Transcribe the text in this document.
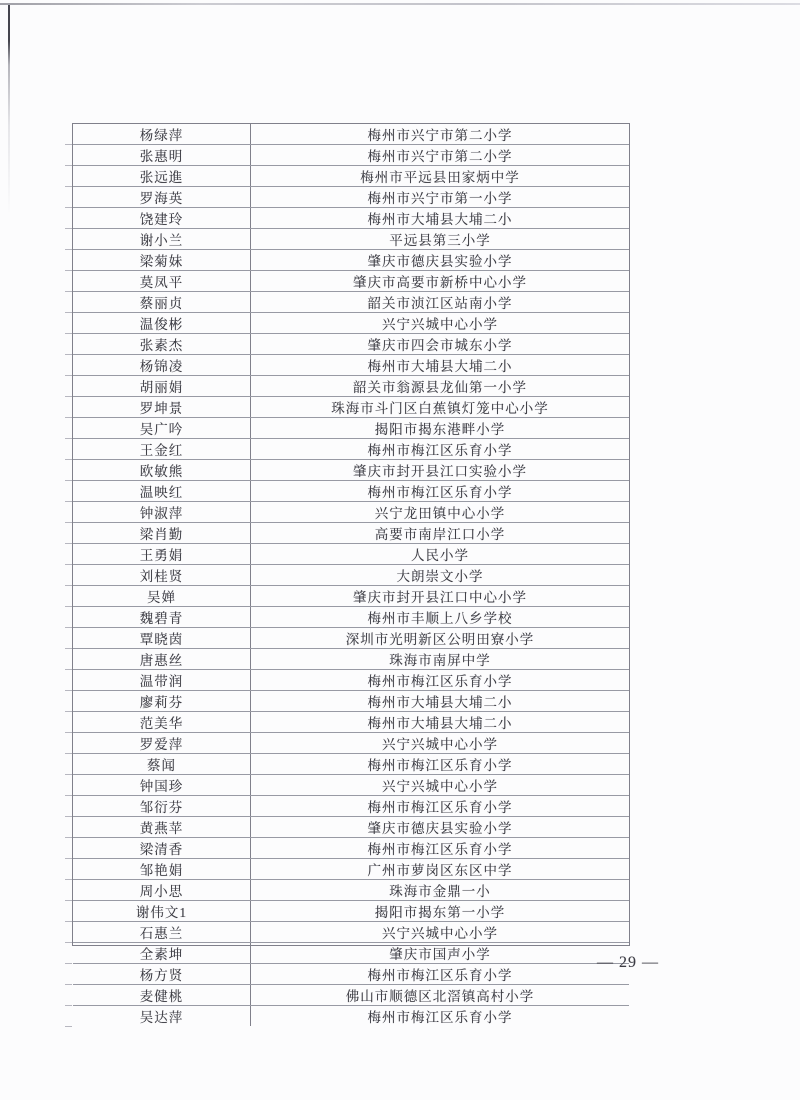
杨绿萍	梅州市兴宁市第二小学
张惠明	梅州市兴宁市第二小学
张远進	梅州市平远县田家炳中学
罗海英	梅州市兴宁市第一小学
饶建玲	梅州市大埔县大埔二小
谢小兰	平远县第三小学
梁菊妹	肇庆市德庆县实验小学
莫凤平	肇庆市高要市新桥中心小学
蔡丽贞	韶关市浈江区站南小学
温俊彬	兴宁兴城中心小学
张素杰	肇庆市四会市城东小学
杨锦凌	梅州市大埔县大埔二小
胡丽娟	韶关市翁源县龙仙第一小学
罗坤景	珠海市斗门区白蕉镇灯笼中心小学
吴广吟	揭阳市揭东港畔小学
王金红	梅州市梅江区乐育小学
欧敏熊	肇庆市封开县江口实验小学
温映红	梅州市梅江区乐育小学
钟淑萍	兴宁龙田镇中心小学
梁肖勤	高要市南岸江口小学
王勇娟	人民小学
刘桂贤	大朗崇文小学
吴婵	肇庆市封开县江口中心小学
魏碧青	梅州市丰顺上八乡学校
覃晓茵	深圳市光明新区公明田寮小学
唐惠丝	珠海市南屏中学
温带润	梅州市梅江区乐育小学
廖莉芬	梅州市大埔县大埔二小
范美华	梅州市大埔县大埔二小
罗爱萍	兴宁兴城中心小学
蔡闻	梅州市梅江区乐育小学
钟国珍	兴宁兴城中心小学
邹衍芬	梅州市梅江区乐育小学
黄燕苹	肇庆市德庆县实验小学
梁清香	梅州市梅江区乐育小学
邹艳娟	广州市萝岗区东区中学
周小思	珠海市金鼎一小
谢伟文1	揭阳市揭东第一小学
石惠兰	兴宁兴城中心小学
全素坤	肇庆市国声小学
杨方贤	梅州市梅江区乐育小学
麦健桃	佛山市顺德区北滘镇高村小学
吴达萍	梅州市梅江区乐育小学
— 29 —
